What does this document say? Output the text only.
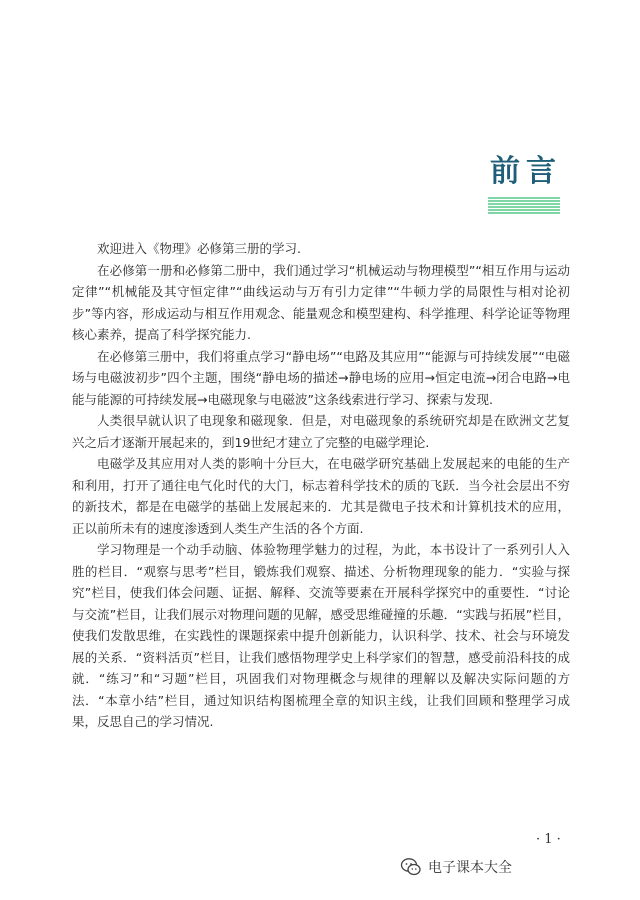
前言

欢迎进入《物理》必修第三册的学习.

在必修第一册和必修第二册中，我们通过学习“机械运动与物理模型”“相互作用与运动定律”“机械能及其守恒定律”“曲线运动与万有引力定律”“牛顿力学的局限性与相对论初步”等内容，形成运动与相互作用观念、能量观念和模型建构、科学推理、科学论证等物理核心素养，提高了科学探究能力.

在必修第三册中，我们将重点学习“静电场”“电路及其应用”“能源与可持续发展”“电磁场与电磁波初步”四个主题，围绕“静电场的描述→静电场的应用→恒定电流→闭合电路→电能与能源的可持续发展→电磁现象与电磁波”这条线索进行学习、探索与发现.

人类很早就认识了电现象和磁现象．但是，对电磁现象的系统研究却是在欧洲文艺复兴之后才逐渐开展起来的，到19世纪才建立了完整的电磁学理论.

电磁学及其应用对人类的影响十分巨大，在电磁学研究基础上发展起来的电能的生产和利用，打开了通往电气化时代的大门，标志着科学技术的质的飞跃．当今社会层出不穷的新技术，都是在电磁学的基础上发展起来的．尤其是微电子技术和计算机技术的应用，正以前所未有的速度渗透到人类生产生活的各个方面.

学习物理是一个动手动脑、体验物理学魅力的过程，为此，本书设计了一系列引人入胜的栏目．“观察与思考”栏目，锻炼我们观察、描述、分析物理现象的能力．“实验与探究”栏目，使我们体会问题、证据、解释、交流等要素在开展科学探究中的重要性．“讨论与交流”栏目，让我们展示对物理问题的见解，感受思维碰撞的乐趣．“实践与拓展”栏目，使我们发散思维，在实践性的课题探索中提升创新能力，认识科学、技术、社会与环境发展的关系．“资料活页”栏目，让我们感悟物理学史上科学家们的智慧，感受前沿科技的成就．“练习”和“习题”栏目，巩固我们对物理概念与规律的理解以及解决实际问题的方法．“本章小结”栏目，通过知识结构图梳理全章的知识主线，让我们回顾和整理学习成果，反思自己的学习情况.

· 1 ·
电子课本大全
